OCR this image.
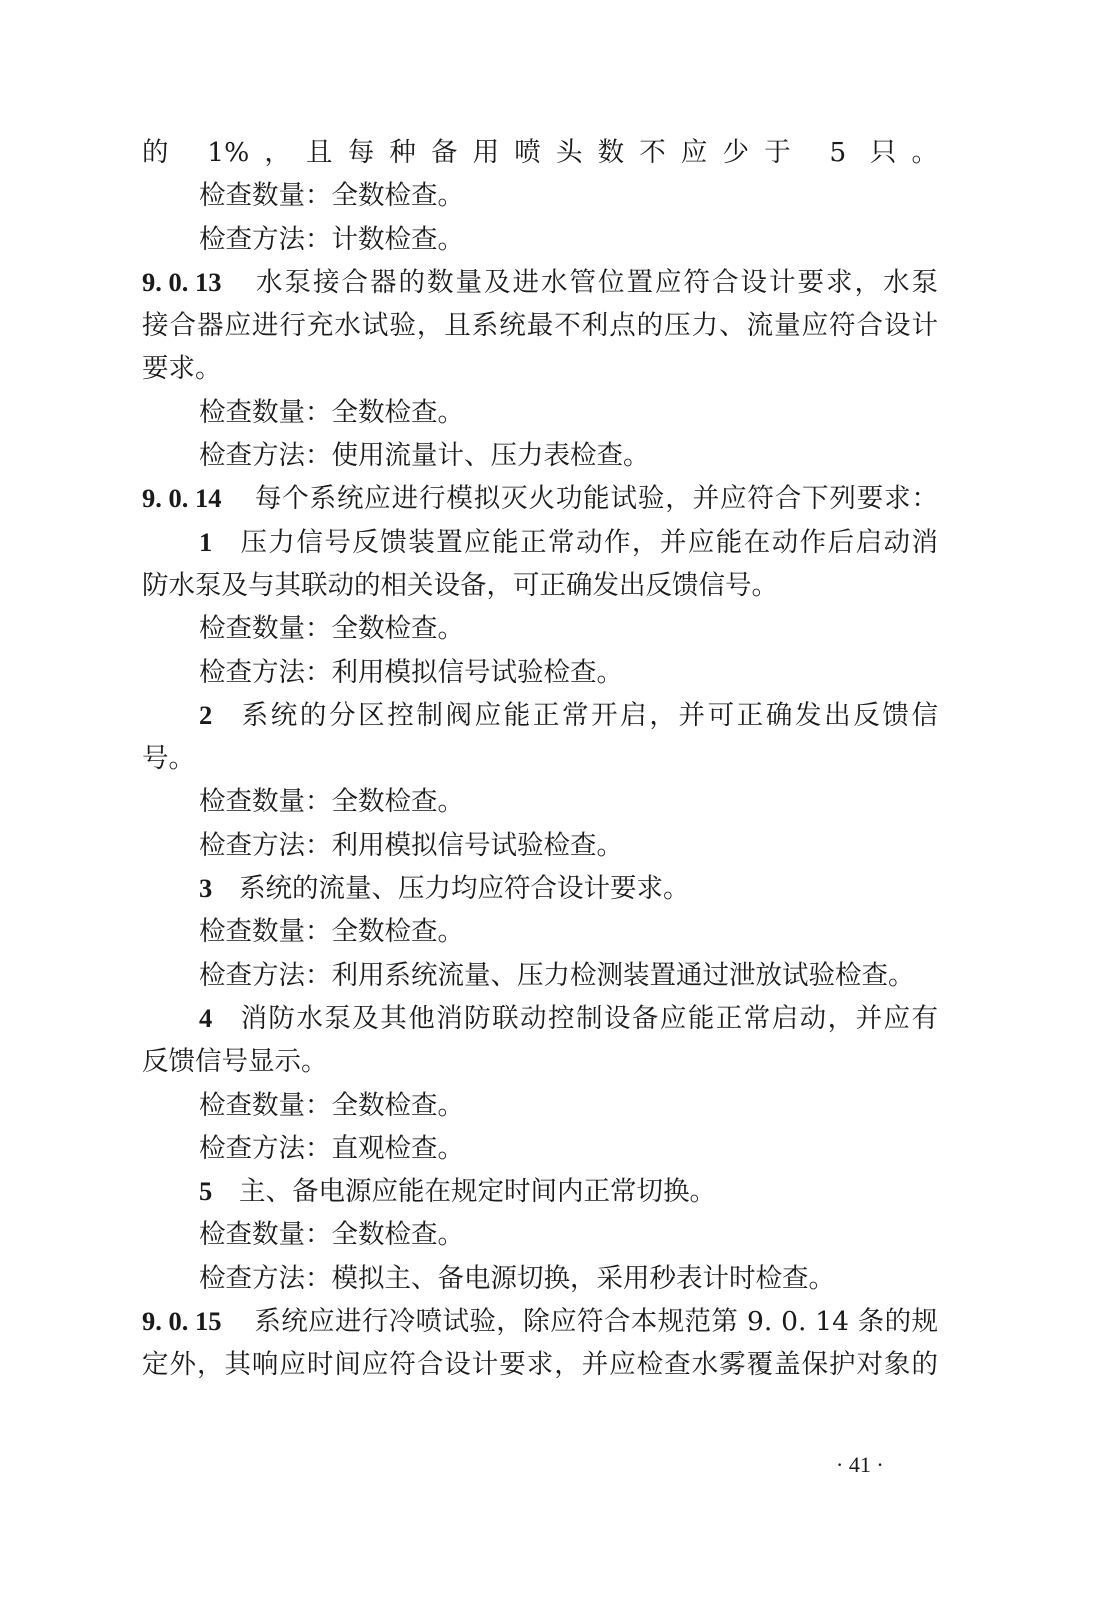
的 1%，且每种备用喷头数不应少于 5 只。
检查数量：全数检查。
检查方法：计数检查。
9. 0. 13 水泵接合器的数量及进水管位置应符合设计要求，水泵
接合器应进行充水试验，且系统最不利点的压力、流量应符合设计
要求。
检查数量：全数检查。
检查方法：使用流量计、压力表检查。
9. 0. 14 每个系统应进行模拟灭火功能试验，并应符合下列要求：
1 压力信号反馈装置应能正常动作，并应能在动作后启动消
防水泵及与其联动的相关设备，可正确发出反馈信号。
检查数量：全数检查。
检查方法：利用模拟信号试验检查。
2 系统的分区控制阀应能正常开启，并可正确发出反馈信
号。
检查数量：全数检查。
检查方法：利用模拟信号试验检查。
3 系统的流量、压力均应符合设计要求。
检查数量：全数检查。
检查方法：利用系统流量、压力检测装置通过泄放试验检查。
4 消防水泵及其他消防联动控制设备应能正常启动，并应有
反馈信号显示。
检查数量：全数检查。
检查方法：直观检查。
5 主、备电源应能在规定时间内正常切换。
检查数量：全数检查。
检查方法：模拟主、备电源切换，采用秒表计时检查。
9. 0. 15 系统应进行冷喷试验，除应符合本规范第 9. 0. 14 条的规
定外，其响应时间应符合设计要求，并应检查水雾覆盖保护对象的
· 41 ·
